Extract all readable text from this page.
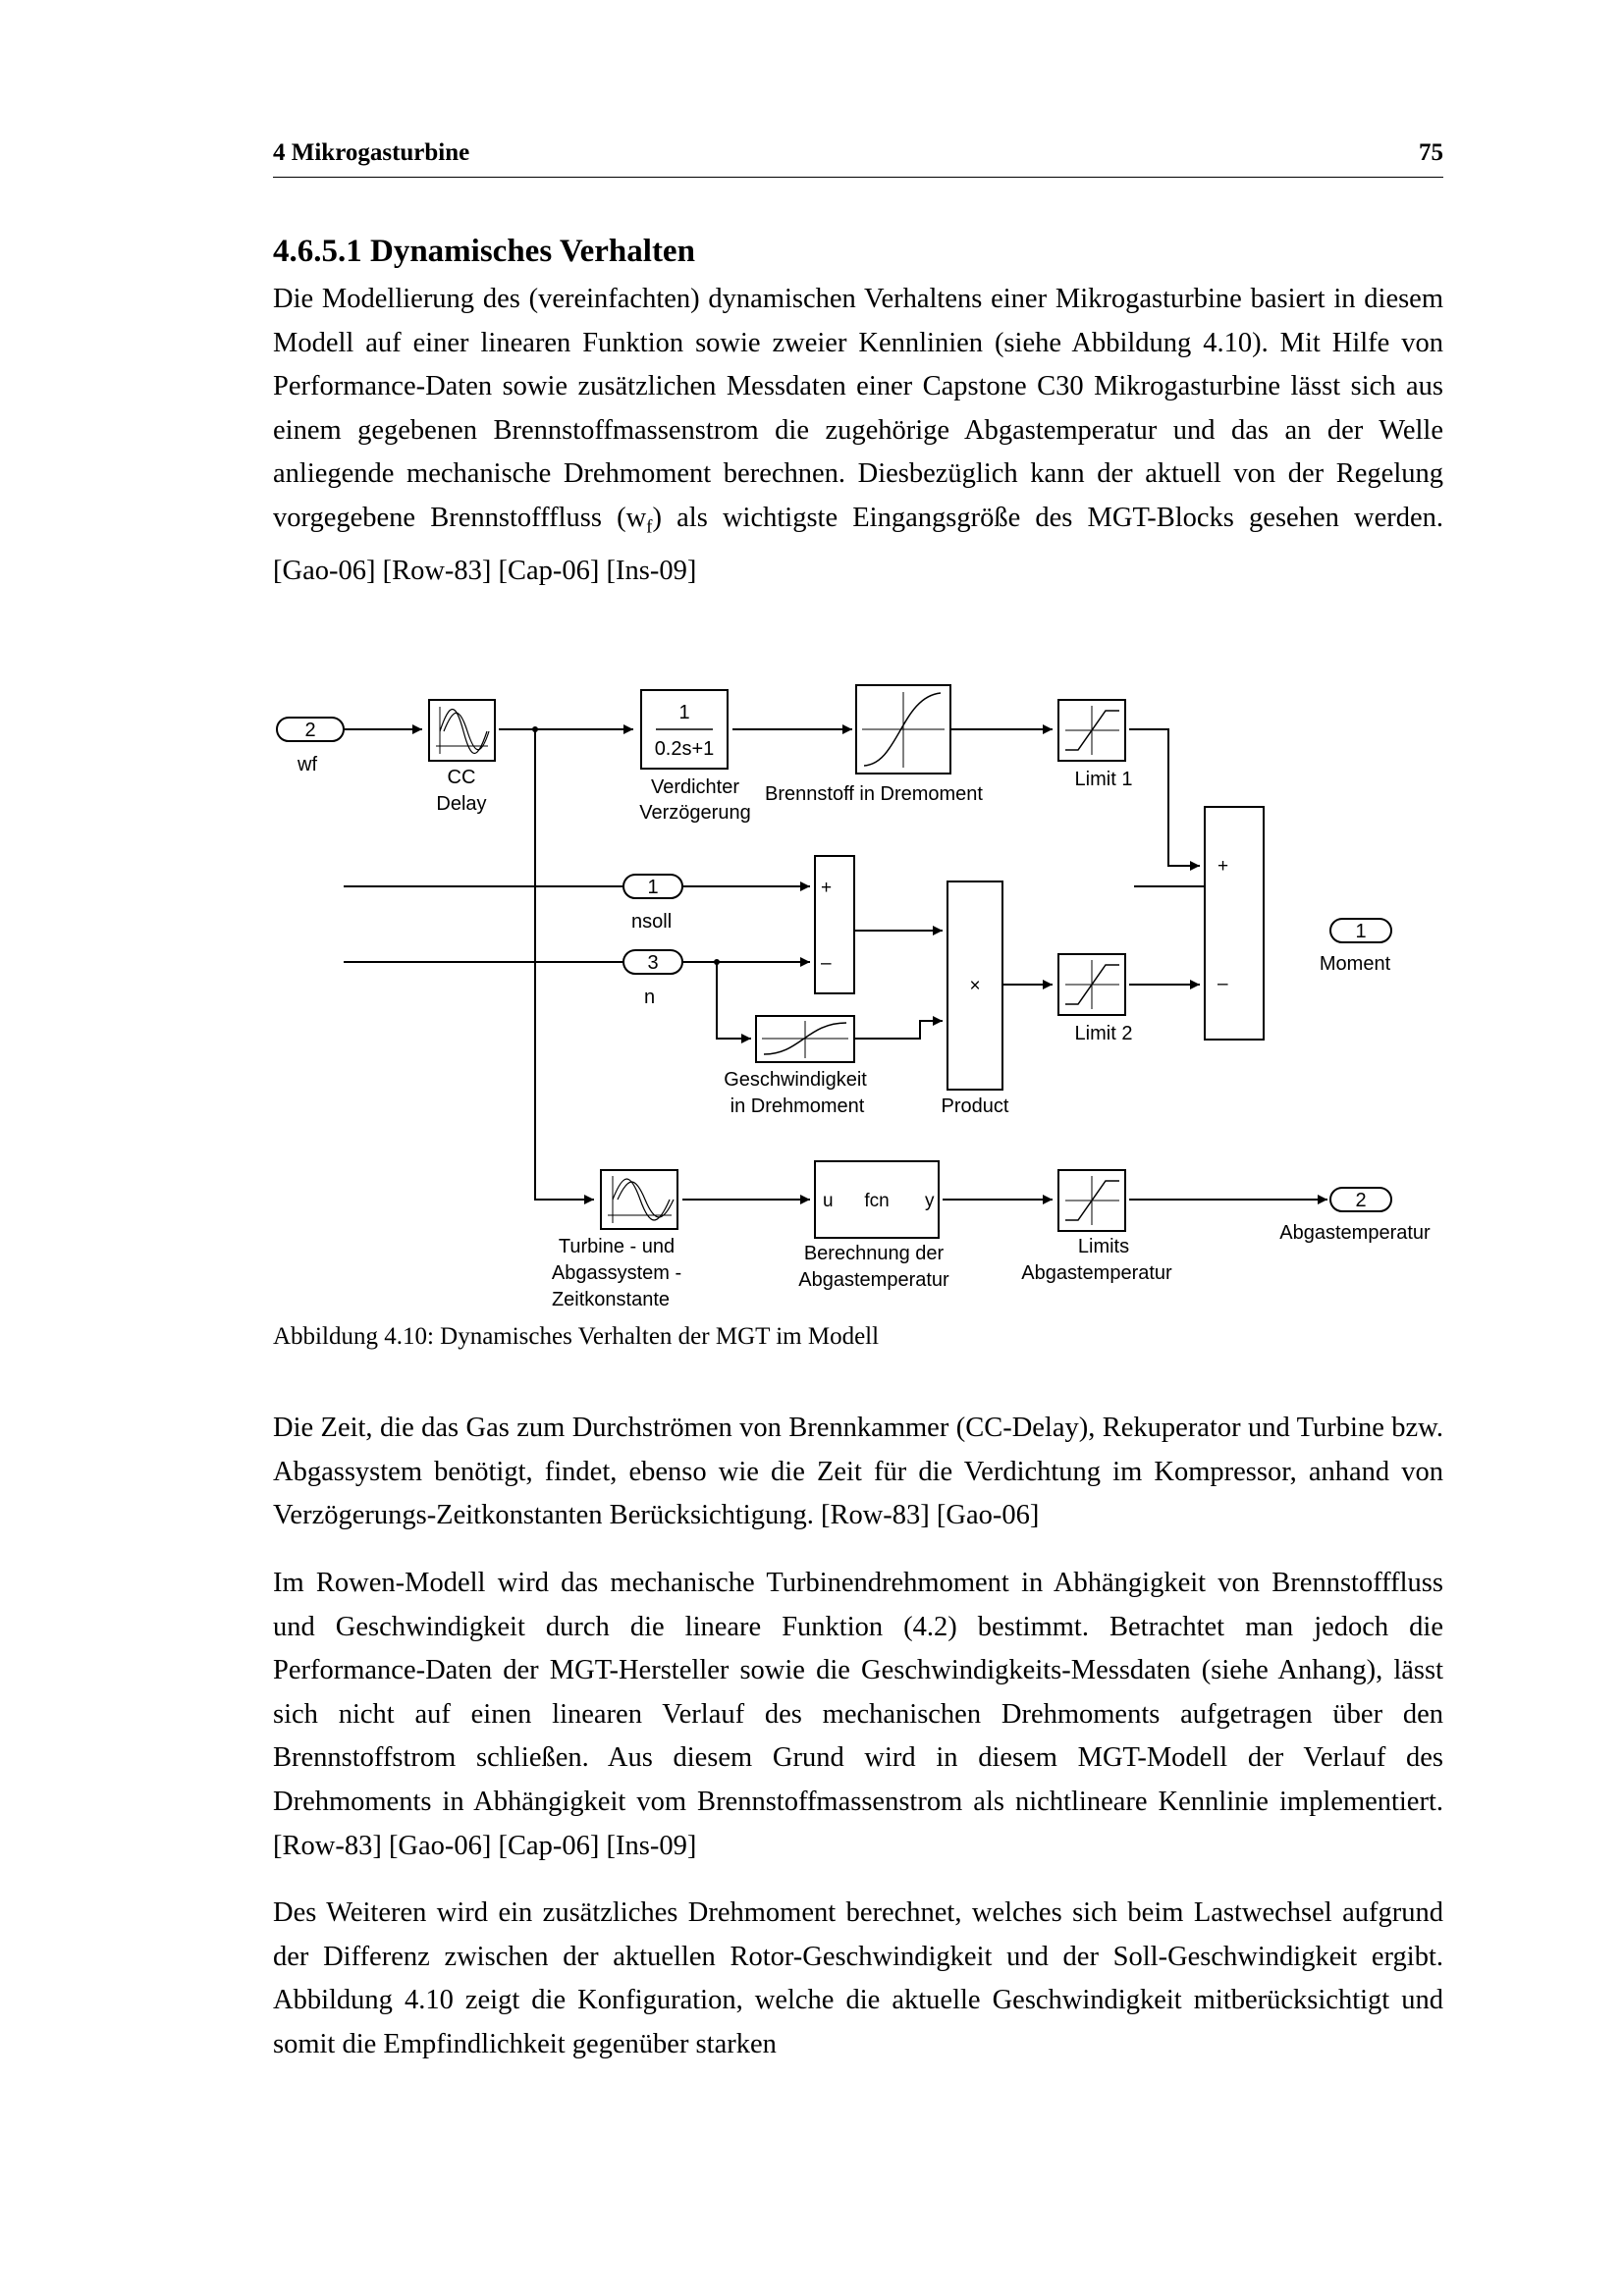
4 Mikrogasturbine	75
4.6.5.1 Dynamisches Verhalten

Die Modellierung des (vereinfachten) dynamischen Verhaltens einer Mikrogasturbine basiert in diesem Modell auf einer linearen Funktion sowie zweier Kennlinien (siehe Abbildung 4.10). Mit Hilfe von Performance-Daten sowie zusätzlichen Messdaten einer Capstone C30 Mikrogasturbine lässt sich aus einem gegebenen Brennstoffmassenstrom die zugehörige Abgastemperatur und das an der Welle anliegende mechanische Drehmoment berechnen. Diesbezüglich kann der aktuell von der Regelung vorgegebene Brennstofffluss $(w_f)$ als wichtigste Eingangsgröße des MGT-Blocks gesehen werden. [Gao-06] [Row-83] [Cap-06] [Ins-09]

2
wf
CC
Delay
1
0.2s+1
Verdichter
Verzögerung
Brennstoff in Dremoment
Limit 1
+
–
+
–
1
nsoll
3
n
×
Product
Geschwindigkeit
in Drehmoment
Limit 2
1
Moment
Turbine - und
Abgassystem -
Zeitkonstante
u fcn y
Berechnung der
Abgastemperatur
Limits
Abgastemperatur
2
Abgastemperatur
Abbildung 4.10: Dynamisches Verhalten der MGT im Modell

Die Zeit, die das Gas zum Durchströmen von Brennkammer (CC-Delay), Rekuperator und Turbine bzw. Abgassystem benötigt, findet, ebenso wie die Zeit für die Verdichtung im Kompressor, anhand von Verzögerungs-Zeitkonstanten Berücksichtigung. [Row-83] [Gao-06]

Im Rowen-Modell wird das mechanische Turbinendrehmoment in Abhängigkeit von Brennstofffluss und Geschwindigkeit durch die lineare Funktion (4.2) bestimmt. Betrachtet man jedoch die Performance-Daten der MGT-Hersteller sowie die Geschwindigkeits-Messdaten (siehe Anhang), lässt sich nicht auf einen linearen Verlauf des mechanischen Drehmoments aufgetragen über den Brennstoffstrom schließen. Aus diesem Grund wird in diesem MGT-Modell der Verlauf des Drehmoments in Abhängigkeit vom Brennstoffmassenstrom als nichtlineare Kennlinie implementiert. [Row-83] [Gao-06] [Cap-06] [Ins-09]

Des Weiteren wird ein zusätzliches Drehmoment berechnet, welches sich beim Lastwechsel aufgrund der Differenz zwischen der aktuellen Rotor-Geschwindigkeit und der Soll-Geschwindigkeit ergibt. Abbildung 4.10 zeigt die Konfiguration, welche die aktuelle Geschwindigkeit mitberücksichtigt und somit die Empfindlichkeit gegenüber starken
